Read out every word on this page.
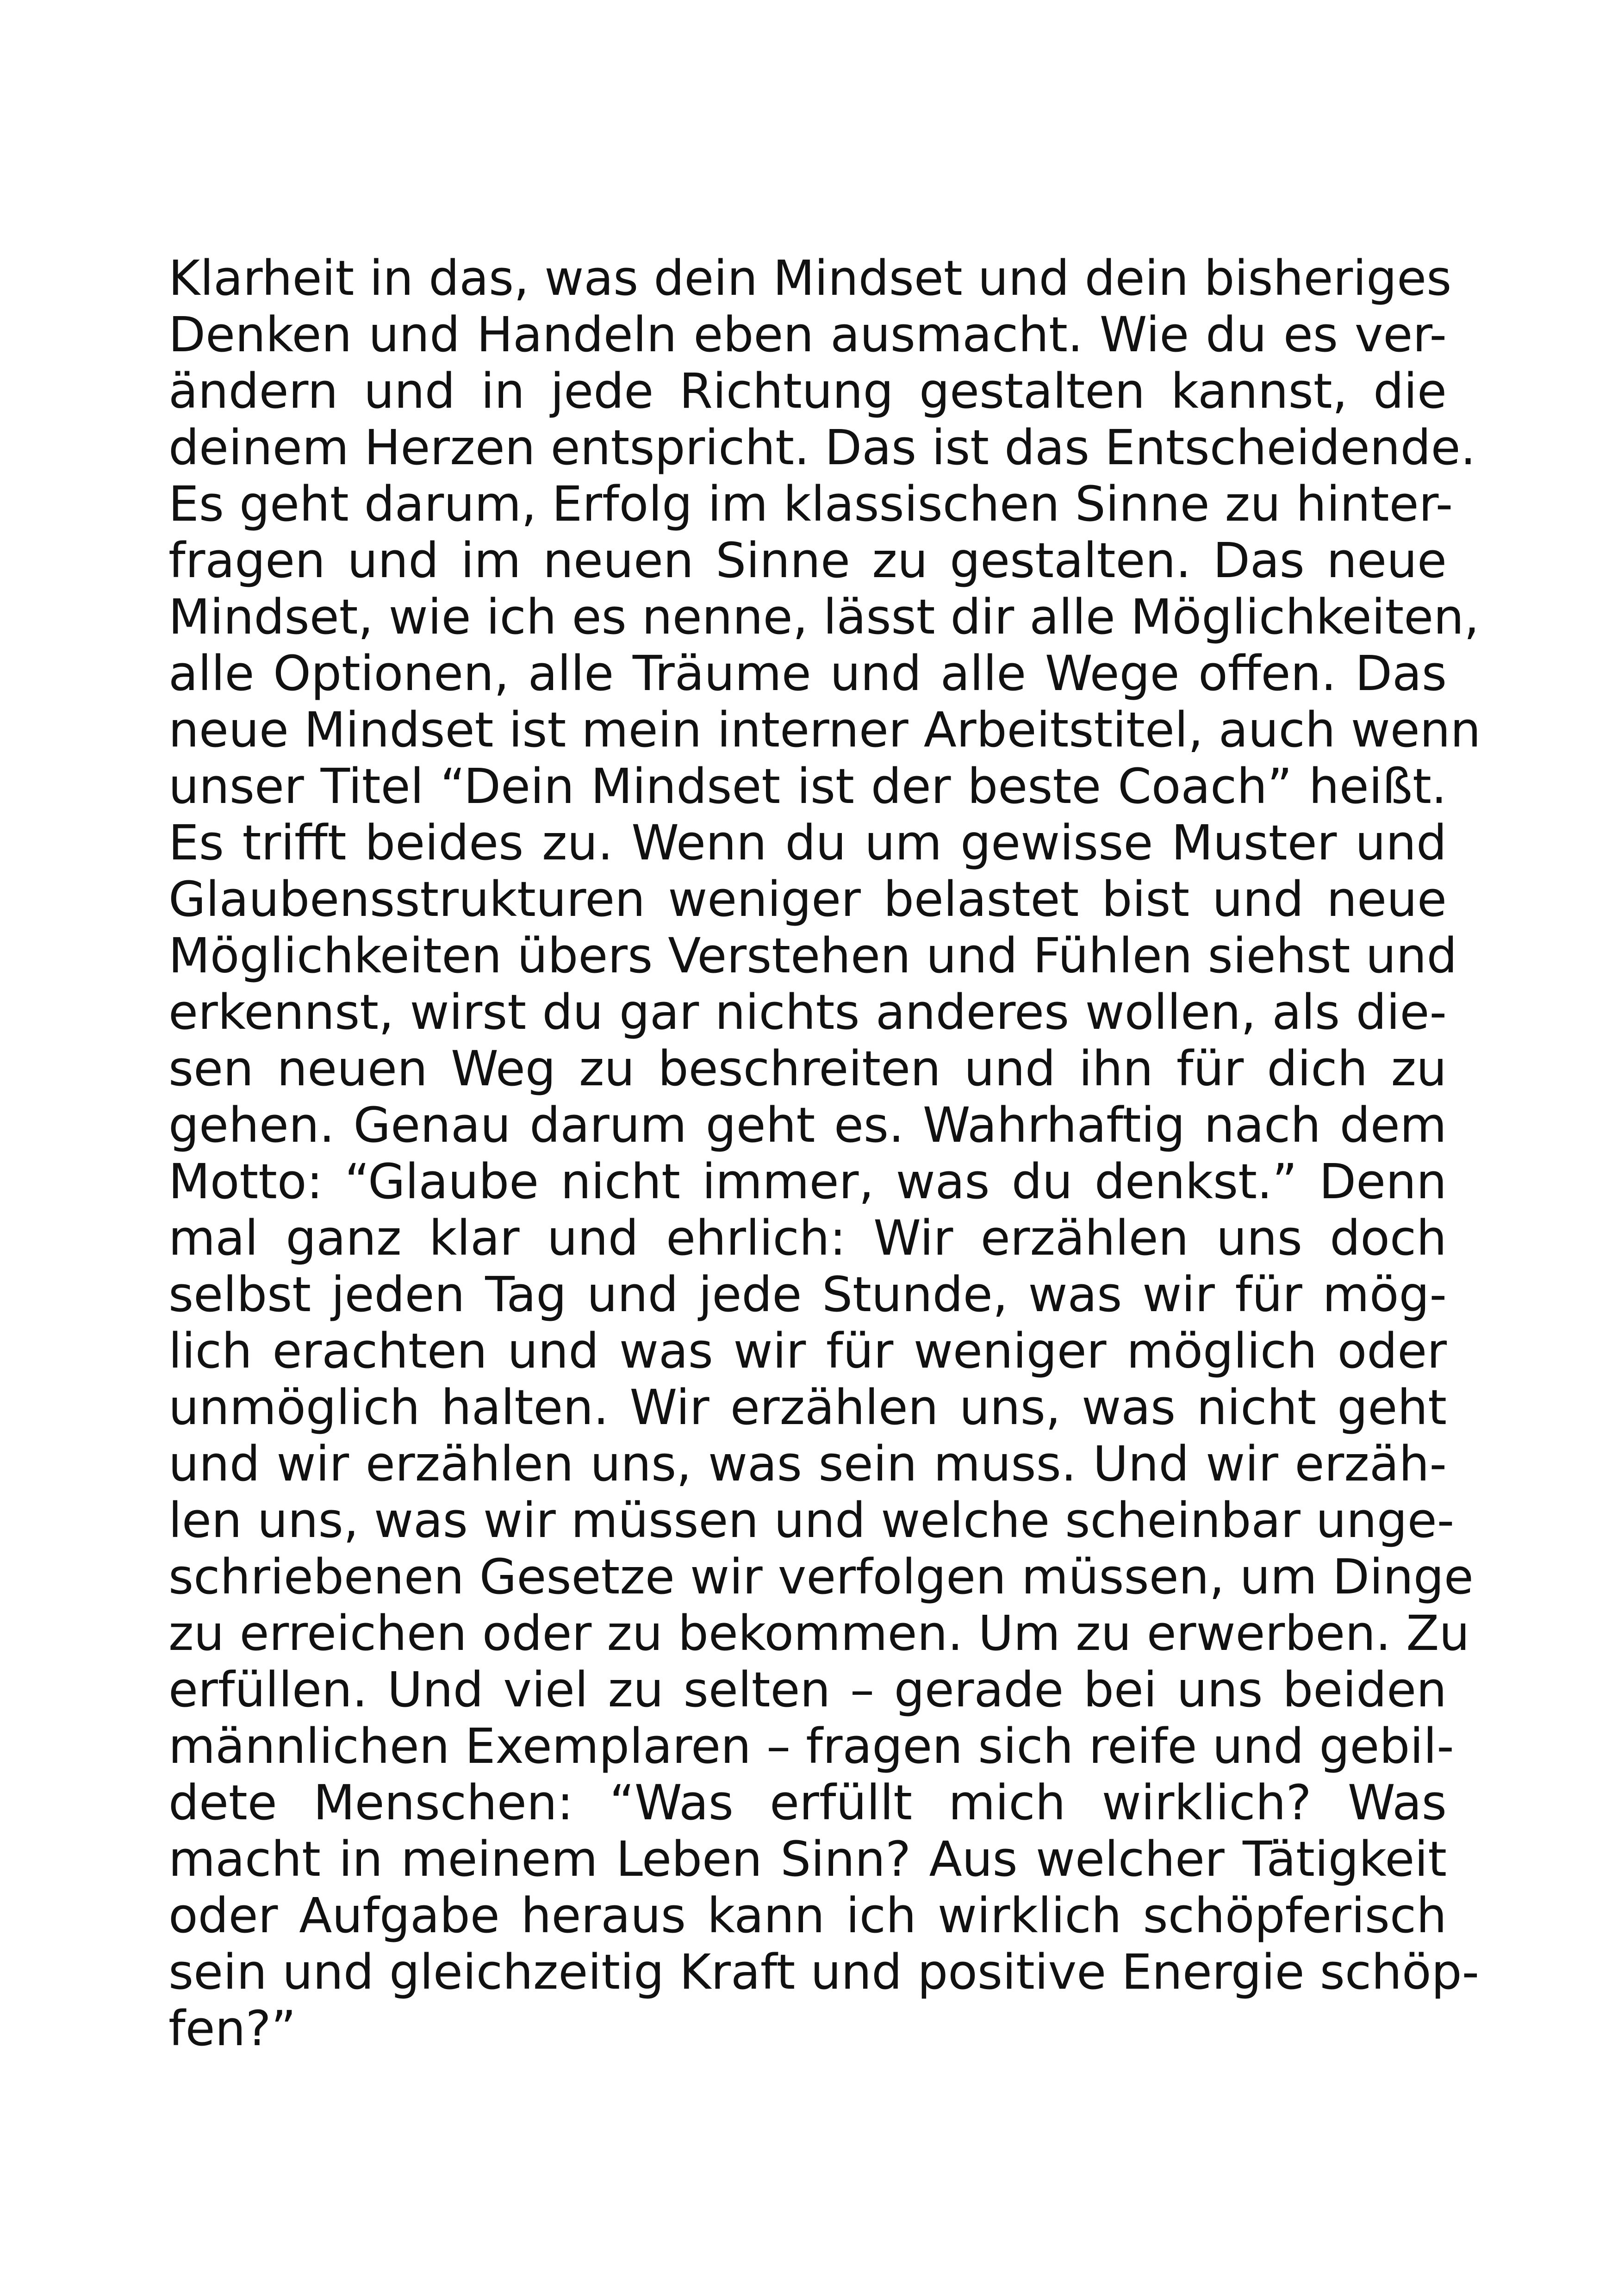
Klarheit in das, was dein Mindset und dein bisheriges
Denken und Handeln eben ausmacht. Wie du es ver-
ändern und in jede Richtung gestalten kannst, die
deinem Herzen entspricht. Das ist das Entscheidende.
Es geht darum, Erfolg im klassischen Sinne zu hinter-
fragen und im neuen Sinne zu gestalten. Das neue
Mindset, wie ich es nenne, lässt dir alle Möglichkeiten,
alle Optionen, alle Träume und alle Wege offen. Das
neue Mindset ist mein interner Arbeitstitel, auch wenn
unser Titel “Dein Mindset ist der beste Coach” heißt.
Es trifft beides zu. Wenn du um gewisse Muster und
Glaubensstrukturen weniger belastet bist und neue
Möglichkeiten übers Verstehen und Fühlen siehst und
erkennst, wirst du gar nichts anderes wollen, als die-
sen neuen Weg zu beschreiten und ihn für dich zu
gehen. Genau darum geht es. Wahrhaftig nach dem
Motto: “Glaube nicht immer, was du denkst.” Denn
mal ganz klar und ehrlich: Wir erzählen uns doch
selbst jeden Tag und jede Stunde, was wir für mög-
lich erachten und was wir für weniger möglich oder
unmöglich halten. Wir erzählen uns, was nicht geht
und wir erzählen uns, was sein muss. Und wir erzäh-
len uns, was wir müssen und welche scheinbar unge-
schriebenen Gesetze wir verfolgen müssen, um Dinge
zu erreichen oder zu bekommen. Um zu erwerben. Zu
erfüllen. Und viel zu selten – gerade bei uns beiden
männlichen Exemplaren – fragen sich reife und gebil-
dete Menschen: “Was erfüllt mich wirklich? Was
macht in meinem Leben Sinn? Aus welcher Tätigkeit
oder Aufgabe heraus kann ich wirklich schöpferisch
sein und gleichzeitig Kraft und positive Energie schöp-
fen?”
